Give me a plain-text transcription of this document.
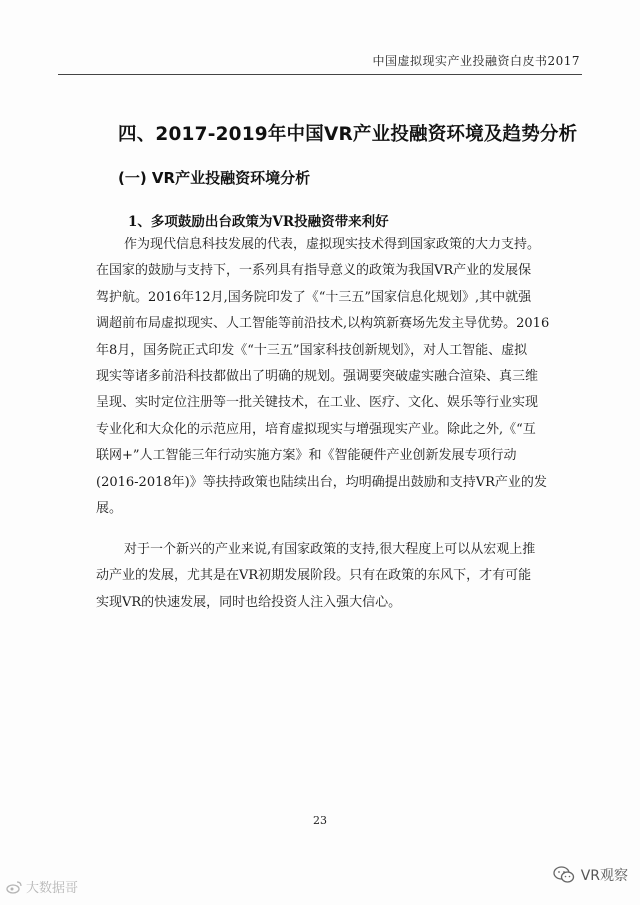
中国虚拟现实产业投融资白皮书2017
四、2017-2019年中国VR产业投融资环境及趋势分析
(一) VR产业投融资环境分析
1、多项鼓励出台政策为VR投融资带来利好
作为现代信息科技发展的代表，虚拟现实技术得到国家政策的大力支持。
在国家的鼓励与支持下，一系列具有指导意义的政策为我国VR产业的发展保
驾护航。2016年12月,国务院印发了《“十三五”国家信息化规划》,其中就强
调超前布局虚拟现实、人工智能等前沿技术,以构筑新赛场先发主导优势。2016
年8月，国务院正式印发《“十三五”国家科技创新规划》，对人工智能、虚拟
现实等诸多前沿科技都做出了明确的规划。强调要突破虚实融合渲染、真三维
呈现、实时定位注册等一批关键技术，在工业、医疗、文化、娱乐等行业实现
专业化和大众化的示范应用，培育虚拟现实与增强现实产业。除此之外,《“互
联网+”人工智能三年行动实施方案》和《智能硬件产业创新发展专项行动
(2016-2018年)》等扶持政策也陆续出台，均明确提出鼓励和支持VR产业的发
展。
对于一个新兴的产业来说,有国家政策的支持,很大程度上可以从宏观上推
动产业的发展，尤其是在VR初期发展阶段。只有在政策的东风下，才有可能
实现VR的快速发展，同时也给投资人注入强大信心。
23
大数据哥
VR观察
